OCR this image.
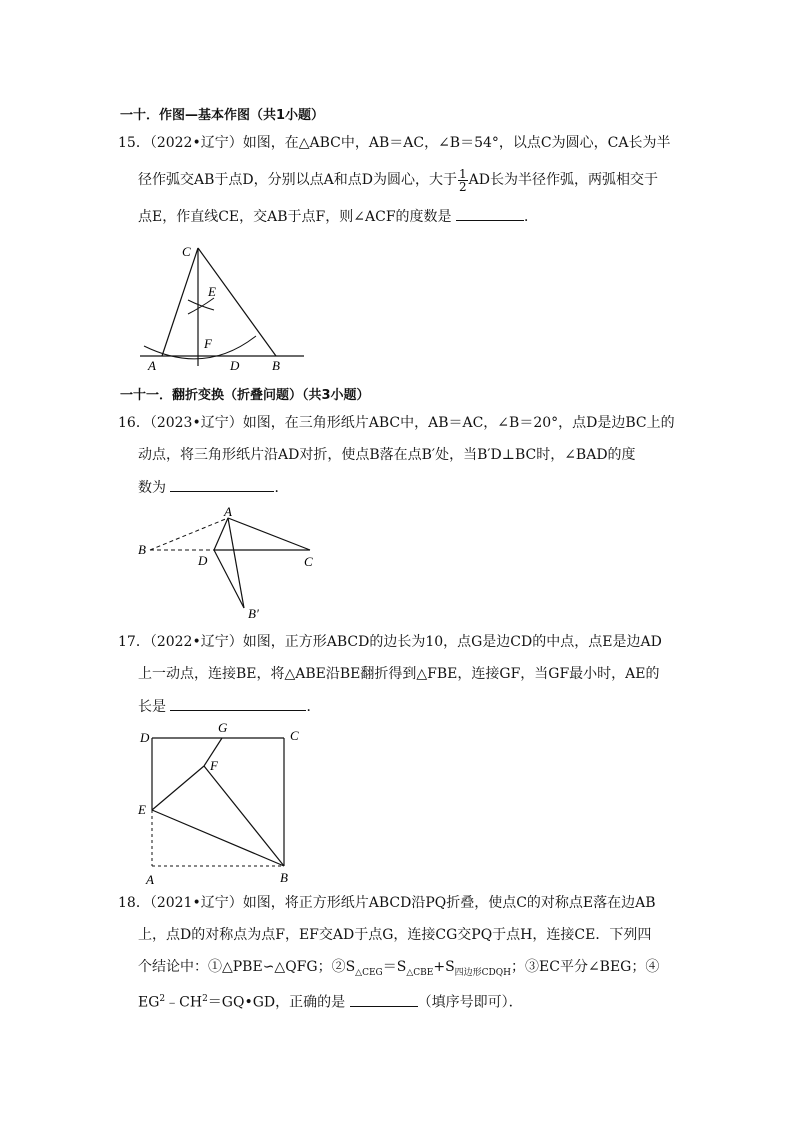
一十．作图—基本作图（共1小题）
15．（2022•辽宁）如图，在△ABC中，AB＝AC，∠B＝54°，以点C为圆心，CA长为半
径作弧交AB于点D，分别以点A和点D为圆心，大于 $\frac{1}{2}$ AD长为半径作弧，两弧相交于
点E，作直线CE，交AB于点F，则∠ACF的度数是	．
C
E
F
A	D	B
一十一．翻折变换（折叠问题）（共3小题）
16．（2023•辽宁）如图，在三角形纸片ABC中，AB＝AC，∠B＝20°，点D是边BC上的
动点，将三角形纸片沿AD对折，使点B落在点B′处，当B′D⊥BC时，∠BAD的度
数为	．
A
B
D	C
B′
17．（2022•辽宁）如图，正方形ABCD的边长为10，点G是边CD的中点，点E是边AD
上一动点，连接BE，将△ABE沿BE翻折得到△FBE，连接GF，当GF最小时，AE的
长是	．
D
G
C
F
E
A	B
18．（2021•辽宁）如图，将正方形纸片ABCD沿PQ折叠，使点C的对称点E落在边AB
上，点D的对称点为点F，EF交AD于点G，连接CG交PQ于点H，连接CE．下列四
个结论中：①△PBE∽△QFG；$②S_{\triangle CEG}=S_{\triangle CBE}+S_{四边形CDQH}$；③EC平分∠BEG；④
$EG^2﹣CH^2=GQ•GD$，正确的是	（填序号即可）．
